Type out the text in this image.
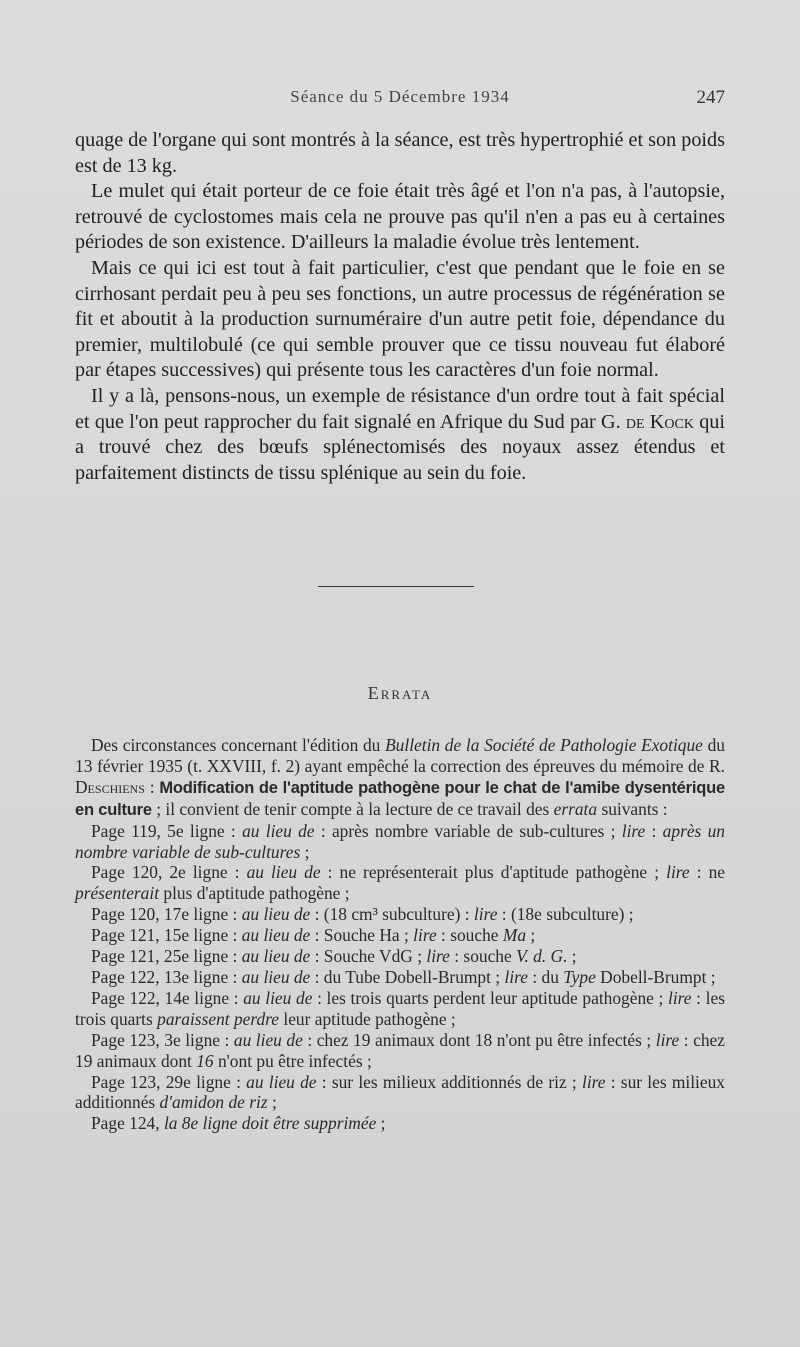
Séance du 5 Décembre 1934	247

quage de l'organe qui sont montrés à la séance, est très hypertrophié et son poids est de 13 kg.

Le mulet qui était porteur de ce foie était très âgé et l'on n'a pas, à l'autopsie, retrouvé de cyclostomes mais cela ne prouve pas qu'il n'en a pas eu à certaines périodes de son existence. D'ailleurs la maladie évolue très lentement.

Mais ce qui ici est tout à fait particulier, c'est que pendant que le foie en se cirrhosant perdait peu à peu ses fonctions, un autre processus de régénération se fit et aboutit à la production surnuméraire d'un autre petit foie, dépendance du premier, multilobulé (ce qui semble prouver que ce tissu nouveau fut élaboré par étapes successives) qui présente tous les caractères d'un foie normal.

Il y a là, pensons-nous, un exemple de résistance d'un ordre tout à fait spécial et que l'on peut rapprocher du fait signalé en Afrique du Sud par G. de Kock qui a trouvé chez des bœufs splénectomisés des noyaux assez étendus et parfaitement distincts de tissu splénique au sein du foie.

Errata

Des circonstances concernant l'édition du Bulletin de la Société de Pathologie Exotique du 13 février 1935 (t. XXVIII, f. 2) ayant empêché la correction des épreuves du mémoire de R. Deschiens : Modification de l'aptitude pathogène pour le chat de l'amibe dysentérique en culture ; il convient de tenir compte à la lecture de ce travail des errata suivants :

Page 119, 5e ligne : au lieu de : après nombre variable de sub-cultures ; lire : après un nombre variable de sub-cultures ;

Page 120, 2e ligne : au lieu de : ne représenterait plus d'aptitude pathogène ; lire : ne présenterait plus d'aptitude pathogène ;

Page 120, 17e ligne : au lieu de : (18 cm³ subculture) : lire : (18e subculture) ;

Page 121, 15e ligne : au lieu de : Souche Ha ; lire : souche Ma ;

Page 121, 25e ligne : au lieu de : Souche VdG ; lire : souche V. d. G. ;

Page 122, 13e ligne : au lieu de : du Tube Dobell-Brumpt ; lire : du Type Dobell-Brumpt ;

Page 122, 14e ligne : au lieu de : les trois quarts perdent leur aptitude pathogène ; lire : les trois quarts paraissent perdre leur aptitude pathogène ;

Page 123, 3e ligne : au lieu de : chez 19 animaux dont 18 n'ont pu être infectés ; lire : chez 19 animaux dont 16 n'ont pu être infectés ;

Page 123, 29e ligne : au lieu de : sur les milieux additionnés de riz ; lire : sur les milieux additionnés d'amidon de riz ;

Page 124, la 8e ligne doit être supprimée ;
